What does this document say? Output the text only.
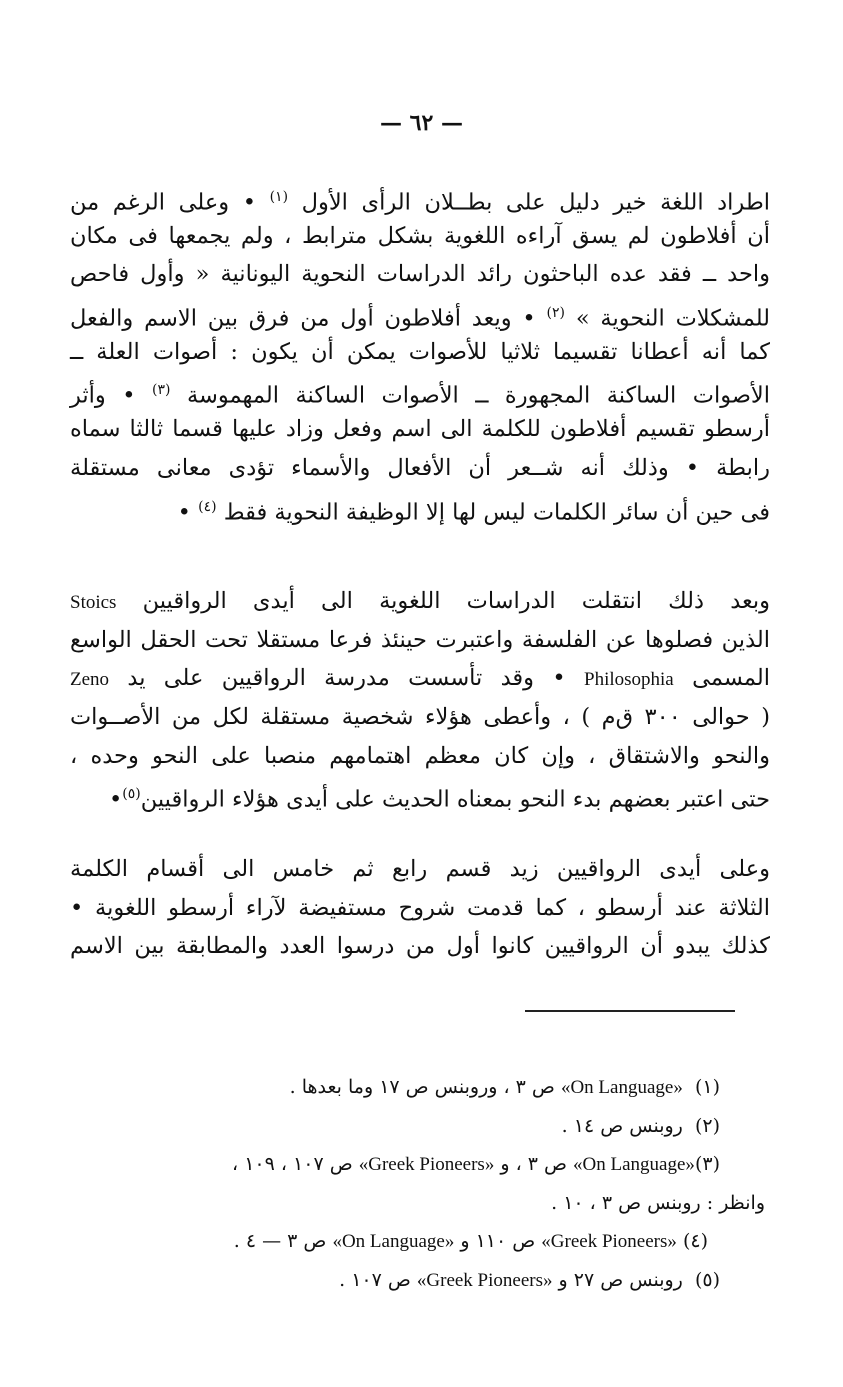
— ٦٢ —
اطراد اللغة خير دليل على بطــلان الرأى الأول $^{(١)}$ • وعلى الرغم من
أن أفلاطون لم يسق آراءه اللغوية بشكل مترابط ، ولم يجمعها فى مكان
واحد ــ فقد عده الباحثون رائد الدراسات النحوية اليونانية « وأول فاحص
للمشكلات النحوية » $^{(٢)}$ • ويعد أفلاطون أول من فرق بين الاسم والفعل
كما أنه أعطانا تقسيما ثلاثيا للأصوات يمكن أن يكون : أصوات العلة ــ
الأصوات الساكنة المجهورة ــ الأصوات الساكنة المهموسة $^{(٣)}$ • وأثر
أرسطو تقسيم أفلاطون للكلمة الى اسم وفعل وزاد عليها قسما ثالثا سماه
رابطة • وذلك أنه شــعر أن الأفعال والأسماء تؤدى معانى مستقلة
فى حين أن سائر الكلمات ليس لها إلا الوظيفة النحوية فقط $^{(٤)}$ •
وبعد ذلك انتقلت الدراسات اللغوية الى أيدى الرواقيين Stoics
الذين فصلوها عن الفلسفة واعتبرت حينئذ فرعا مستقلا تحت الحقل الواسع
المسمى Philosophia • وقد تأسست مدرسة الرواقيين على يد Zeno
( حوالى ٣٠٠ ق‌م ) ، وأعطى هؤلاء شخصية مستقلة لكل من الأصــوات
والنحو والاشتقاق ، وإن كان معظم اهتمامهم منصبا على النحو وحده ،
حتى اعتبر بعضهم بدء النحو بمعناه الحديث على أيدى هؤلاء الرواقيين$^{(٥)}$•
وعلى أيدى الرواقيين زيد قسم رابع ثم خامس الى أقسام الكلمة
الثلاثة عند أرسطو ، كما قدمت شروح مستفيضة لآراء أرسطو اللغوية •
كذلك يبدو أن الرواقيين كانوا أول من درسوا العدد والمطابقة بين الاسم
(١)  «On Language» ص ٣ ، وروبنس ص ١٧ وما بعدها .
(٢)  روبنس ص ١٤ .
(٣)«On Language» ص ٣ ، و «Greek Pioneers» ص ١٠٧ ، ١٠٩ ،
وانظر : روبنس ص ٣ ، ١٠ .
(٤) «Greek Pioneers» ص ١١٠ و «On Language» ص ٣ — ٤ .
(٥)  روبنس ص ٢٧ و «Greek Pioneers» ص ١٠٧ .
